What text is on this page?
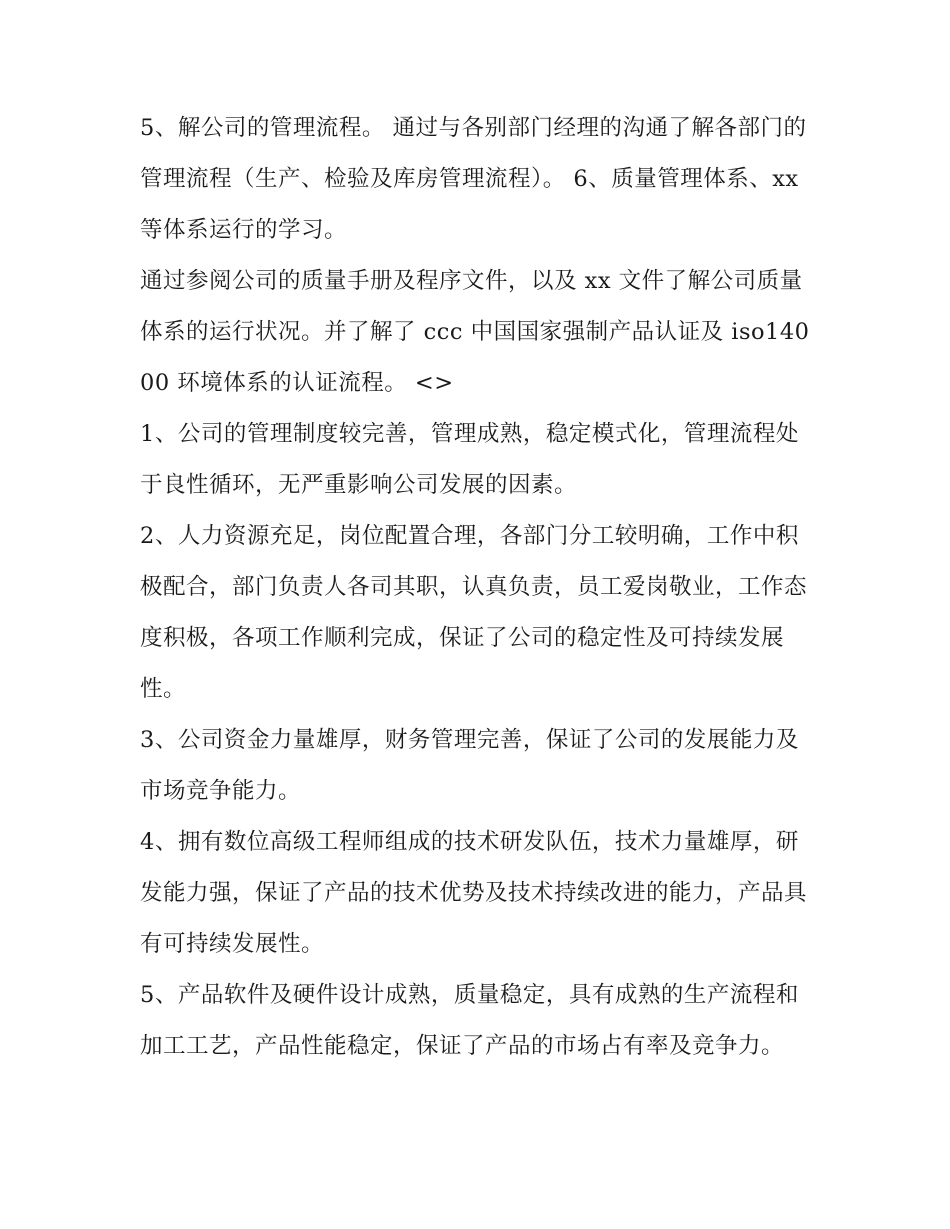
5、解公司的管理流程。 通过与各别部门经理的沟通了解各部门的管理流程（生产、检验及库房管理流程）。 6、质量管理体系、xx 等体系运行的学习。

通过参阅公司的质量手册及程序文件，以及 xx 文件了解公司质量体系的运行状况。并了解了 ccc 中国国家强制产品认证及 iso14000 环境体系的认证流程。 <>

1、公司的管理制度较完善，管理成熟，稳定模式化，管理流程处于良性循环，无严重影响公司发展的因素。

2、人力资源充足，岗位配置合理，各部门分工较明确，工作中积极配合，部门负责人各司其职，认真负责，员工爱岗敬业，工作态度积极，各项工作顺利完成，保证了公司的稳定性及可持续发展性。

3、公司资金力量雄厚，财务管理完善，保证了公司的发展能力及市场竞争能力。

4、拥有数位高级工程师组成的技术研发队伍，技术力量雄厚，研发能力强，保证了产品的技术优势及技术持续改进的能力，产品具有可持续发展性。

5、产品软件及硬件设计成熟，质量稳定，具有成熟的生产流程和加工工艺，产品性能稳定，保证了产品的市场占有率及竞争力。
